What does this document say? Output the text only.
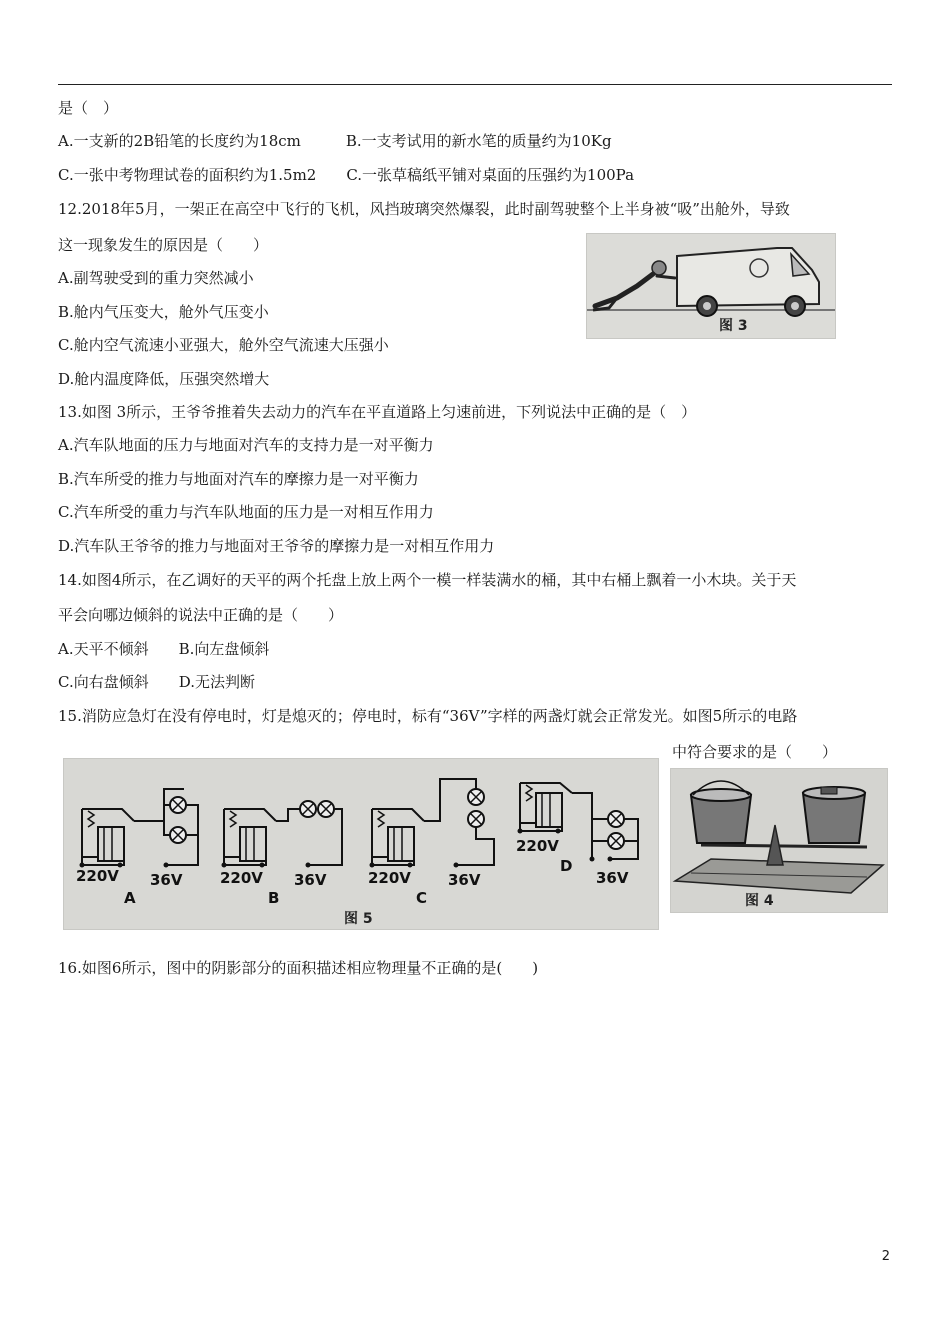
是（　）
A.一支新的2B铅笔的长度约为18cm　　　B.一支考试用的新水笔的质量约为10Kg
C.一张中考物理试卷的面积约为1.5m2　　C.一张草稿纸平铺对桌面的压强约为100Pa
12.2018年5月，一架正在高空中飞行的飞机，风挡玻璃突然爆裂，此时副驾驶整个上半身被“吸”出舱外，导致
这一现象发生的原因是（　　）
A.副驾驶受到的重力突然减小
B.舱内气压变大，舱外气压变小
C.舱内空气流速小亚强大，舱外空气流速大压强小
D.舱内温度降低，压强突然增大
13.如图 3所示，王爷爷推着失去动力的汽车在平直道路上匀速前进，下列说法中正确的是（　）
A.汽车队地面的压力与地面对汽车的支持力是一对平衡力
B.汽车所受的推力与地面对汽车的摩擦力是一对平衡力
C.汽车所受的重力与汽车队地面的压力是一对相互作用力
D.汽车队王爷爷的推力与地面对王爷爷的摩擦力是一对相互作用力
14.如图4所示，在乙调好的天平的两个托盘上放上两个一模一样装满水的桶，其中右桶上飘着一小木块。关于天
平会向哪边倾斜的说法中正确的是（　　）
A.天平不倾斜　　B.向左盘倾斜
C.向右盘倾斜　　D.无法判断
15.消防应急灯在没有停电时，灯是熄灭的；停电时，标有“36V”字样的两盏灯就会正常发光。如图5所示的电路
中符合要求的是（　　）
16.如图6所示，图中的阴影部分的面积描述相应物理量不正确的是(　　)
图 3
220V 36V
A
220V 36V
B
220V 36V
C
220V
36V
D
图 5
图 4
2
